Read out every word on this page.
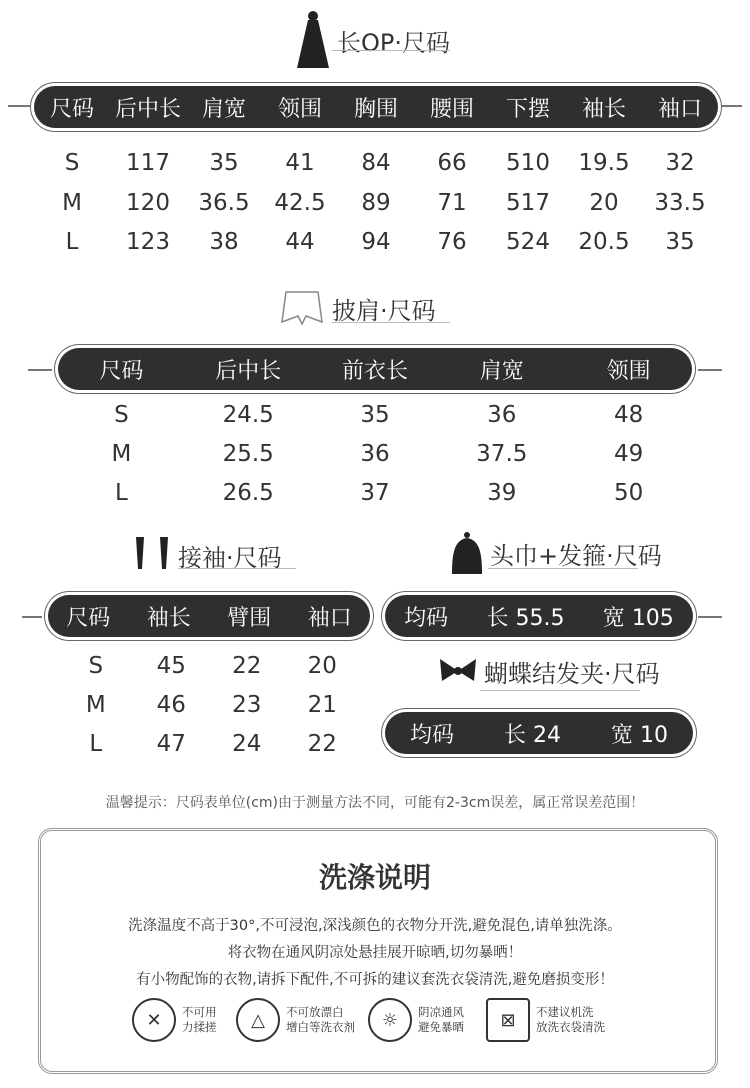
长OP·尺码
尺码 后中长 肩宽	领围	胸围	腰围	下摆	袖长	袖口
S	117	35	41	84	66	510	19.5	32
M	120	36.5	42.5	89	71	517	20	33.5
L	123	38	44	94	76	524	20.5	35
披肩·尺码
尺码	后中长	前衣长	肩宽	领围
S	24.5	35	36	48
M	25.5	36	37.5	49
L	26.5	37	39	50
接袖·尺码
尺码	袖长	臂围	袖口
S	45	22	20
M	46	23	21
L	47	24	22
头巾+发箍·尺码
均码 长 55.5 宽 105
蝴蝶结发夹·尺码
均码 长 24 宽 10
温馨提示：尺码表单位(cm)由于测量方法不同，可能有2-3cm误差，属正常误差范围！
洗涤说明
洗涤温度不高于30°,不可浸泡,深浅颜色的衣物分开洗,避免混色,请单独洗涤。
将衣物在通风阴凉处悬挂展开晾晒,切勿暴晒！
有小物配饰的衣物,请拆下配件,不可拆的建议套洗衣袋清洗,避免磨损变形！
✕	不可用
力揉搓	△	不可放漂白
增白等洗衣剂	☼	阴凉通风
避免暴晒	⊠	不建议机洗
放洗衣袋清洗
